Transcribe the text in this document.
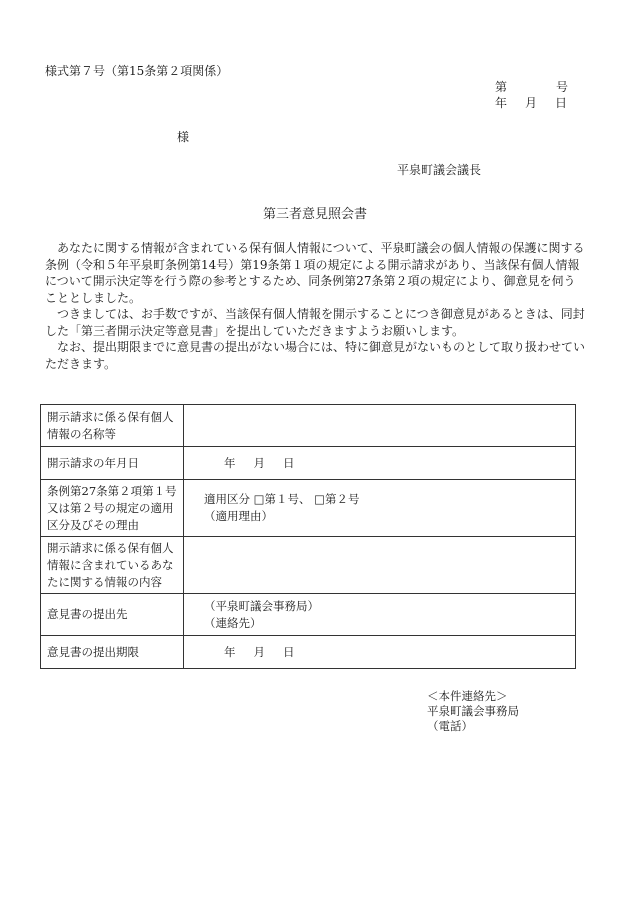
様式第７号（第15条第２項関係）
第	号
年 月 日
様
平泉町議会議長
第三者意見照会書

あなたに関する情報が含まれている保有個人情報について、平泉町議会の個人情報の保護に関する条例（令和５年平泉町条例第14号）第19条第１項の規定による開示請求があり、当該保有個人情報について開示決定等を行う際の参考とするため、同条例第27条第２項の規定により、御意見を伺うこととしました。

つきましては、お手数ですが、当該保有個人情報を開示することにつき御意見があるときは、同封した「第三者開示決定等意見書」を提出していただきますようお願いします。

なお、提出期限までに意見書の提出がない場合には、特に御意見がないものとして取り扱わせていただきます。

開示請求に係る保有個人情報の名称等	
開示請求の年月日	年 月 日
条例第27条第２項第１号又は第２号の規定の適用区分及びその理由	適用区分 □第１号、 □第２号
（適用理由）

開示請求に係る保有個人情報に含まれているあなたに関する情報の内容	
意見書の提出先	（平泉町議会事務局）
（連絡先）

意見書の提出期限	年 月 日
＜本件連絡先＞
平泉町議会事務局
（電話）
